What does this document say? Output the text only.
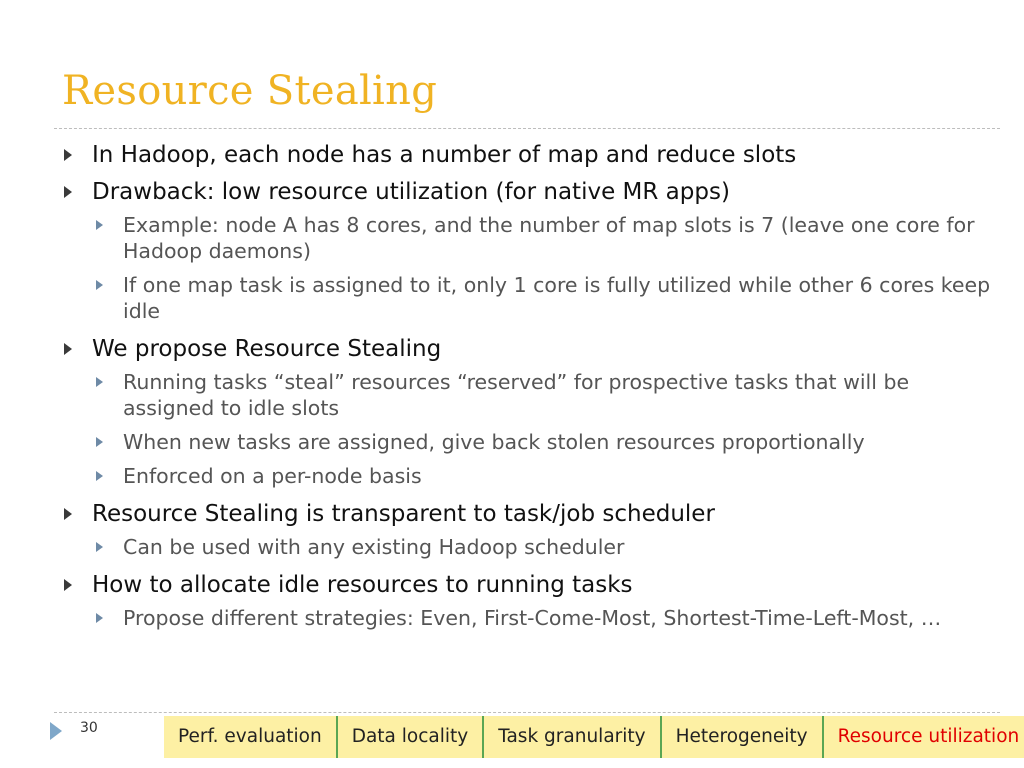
Resource Stealing
In Hadoop, each node has a number of map and reduce slots
Drawback: low resource utilization (for native MR apps)
Example: node A has 8 cores, and the number of map slots is 7 (leave one core for Hadoop daemons)
If one map task is assigned to it, only 1 core is fully utilized while other 6 cores keep idle
We propose Resource Stealing
Running tasks “steal” resources “reserved” for prospective tasks that will be assigned to idle slots
When new tasks are assigned, give back stolen resources proportionally
Enforced on a per-node basis
Resource Stealing is transparent to task/job scheduler
Can be used with any existing Hadoop scheduler
How to allocate idle resources to running tasks
Propose different strategies: Even, First-Come-Most, Shortest-Time-Left-Most, …
30	Perf. evaluation	Data locality	Task granularity	Heterogeneity	Resource utilization
